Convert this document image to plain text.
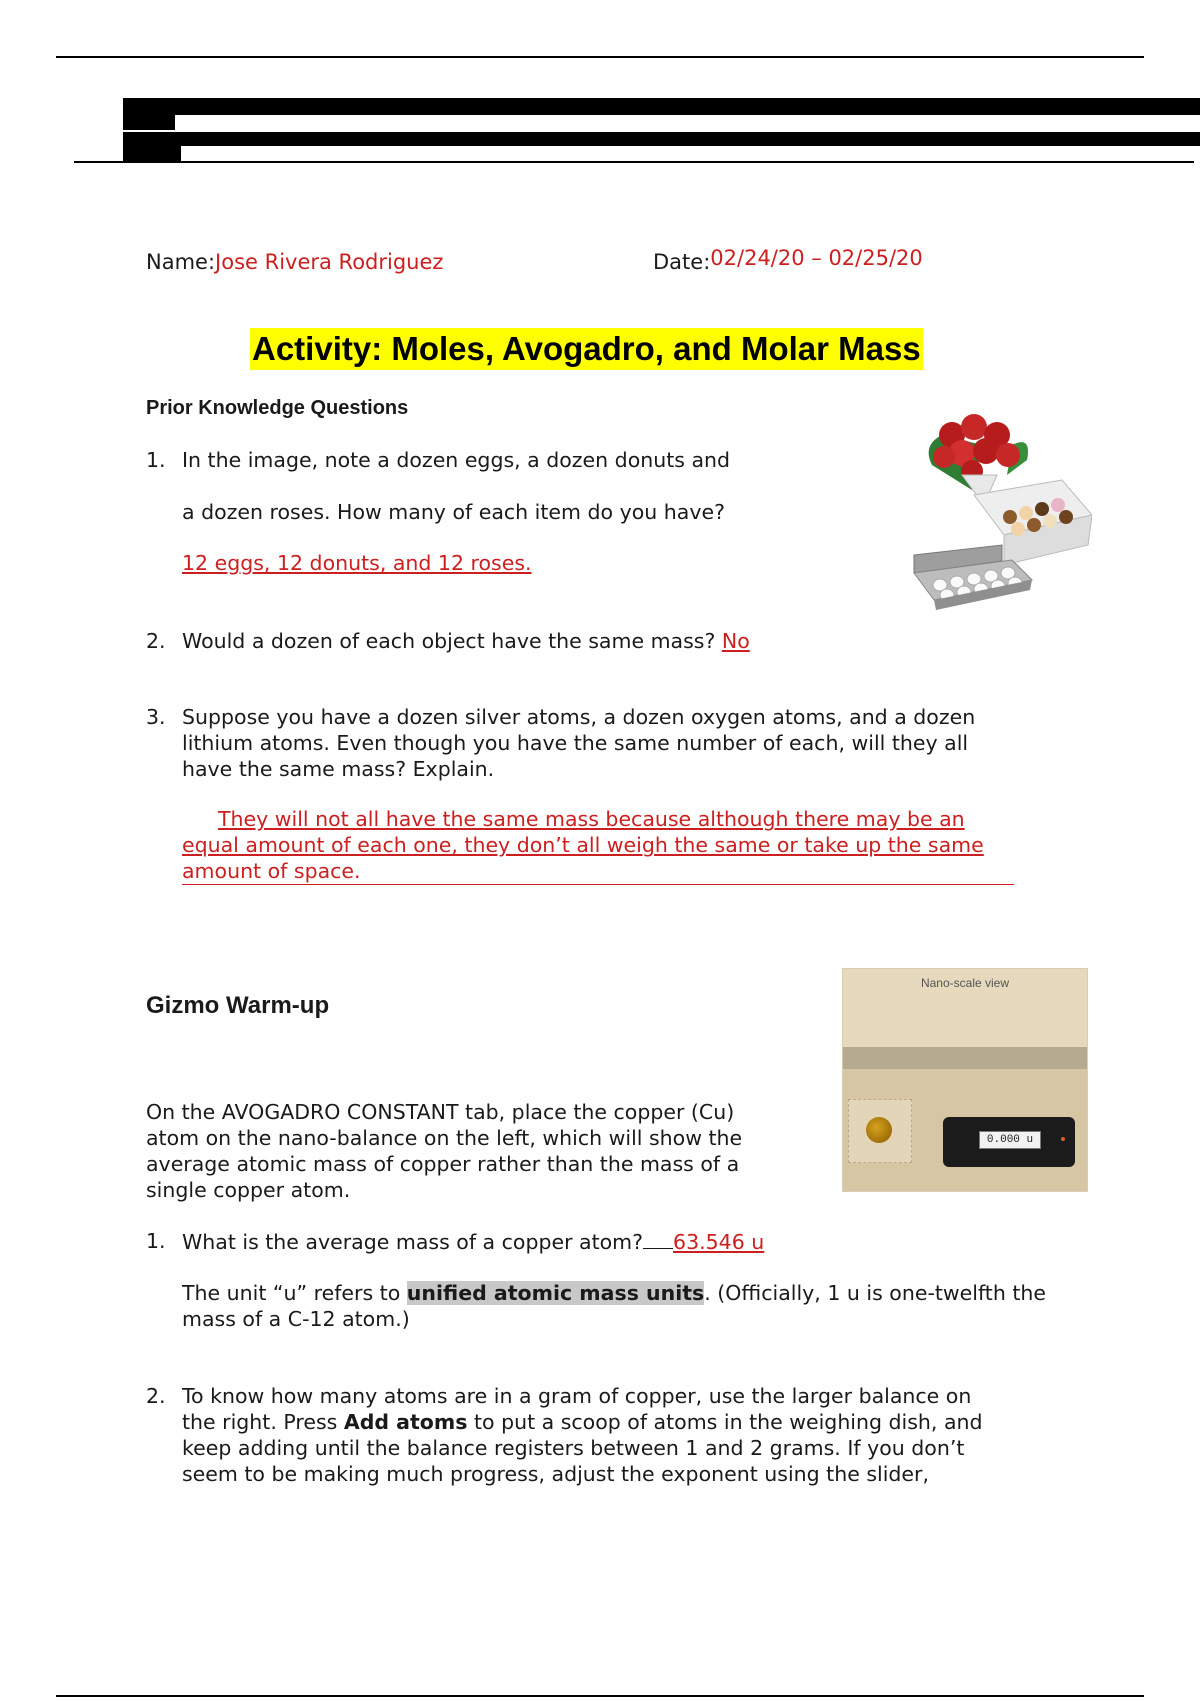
Name:Jose Rivera Rodriguez	Date:02/24/20 – 02/25/20
Activity: Moles, Avogadro, and Molar Mass
Prior Knowledge Questions
1. In the image, note a dozen eggs, a dozen donuts and
a dozen roses. How many of each item do you have?
12 eggs, 12 donuts, and 12 roses.
2. Would a dozen of each object have the same mass? No
3. Suppose you have a dozen silver atoms, a dozen oxygen atoms, and a dozen
lithium atoms. Even though you have the same number of each, will they all
have the same mass? Explain.
They will not all have the same mass because although there may be an
equal amount of each one, they don’t all weigh the same or take up the same
amount of space.
Gizmo Warm-up
Nano-scale view
0.000 u
On the AVOGADRO CONSTANT tab, place the copper (Cu)
atom on the nano-balance on the left, which will show the
average atomic mass of copper rather than the mass of a
single copper atom.
1. What is the average mass of a copper atom? 63.546 u
The unit “u” refers to unified atomic mass units. (Officially, 1 u is one-twelfth the
mass of a C-12 atom.)
2. To know how many atoms are in a gram of copper, use the larger balance on
the right. Press Add atoms to put a scoop of atoms in the weighing dish, and
keep adding until the balance registers between 1 and 2 grams. If you don’t
seem to be making much progress, adjust the exponent using the slider,
